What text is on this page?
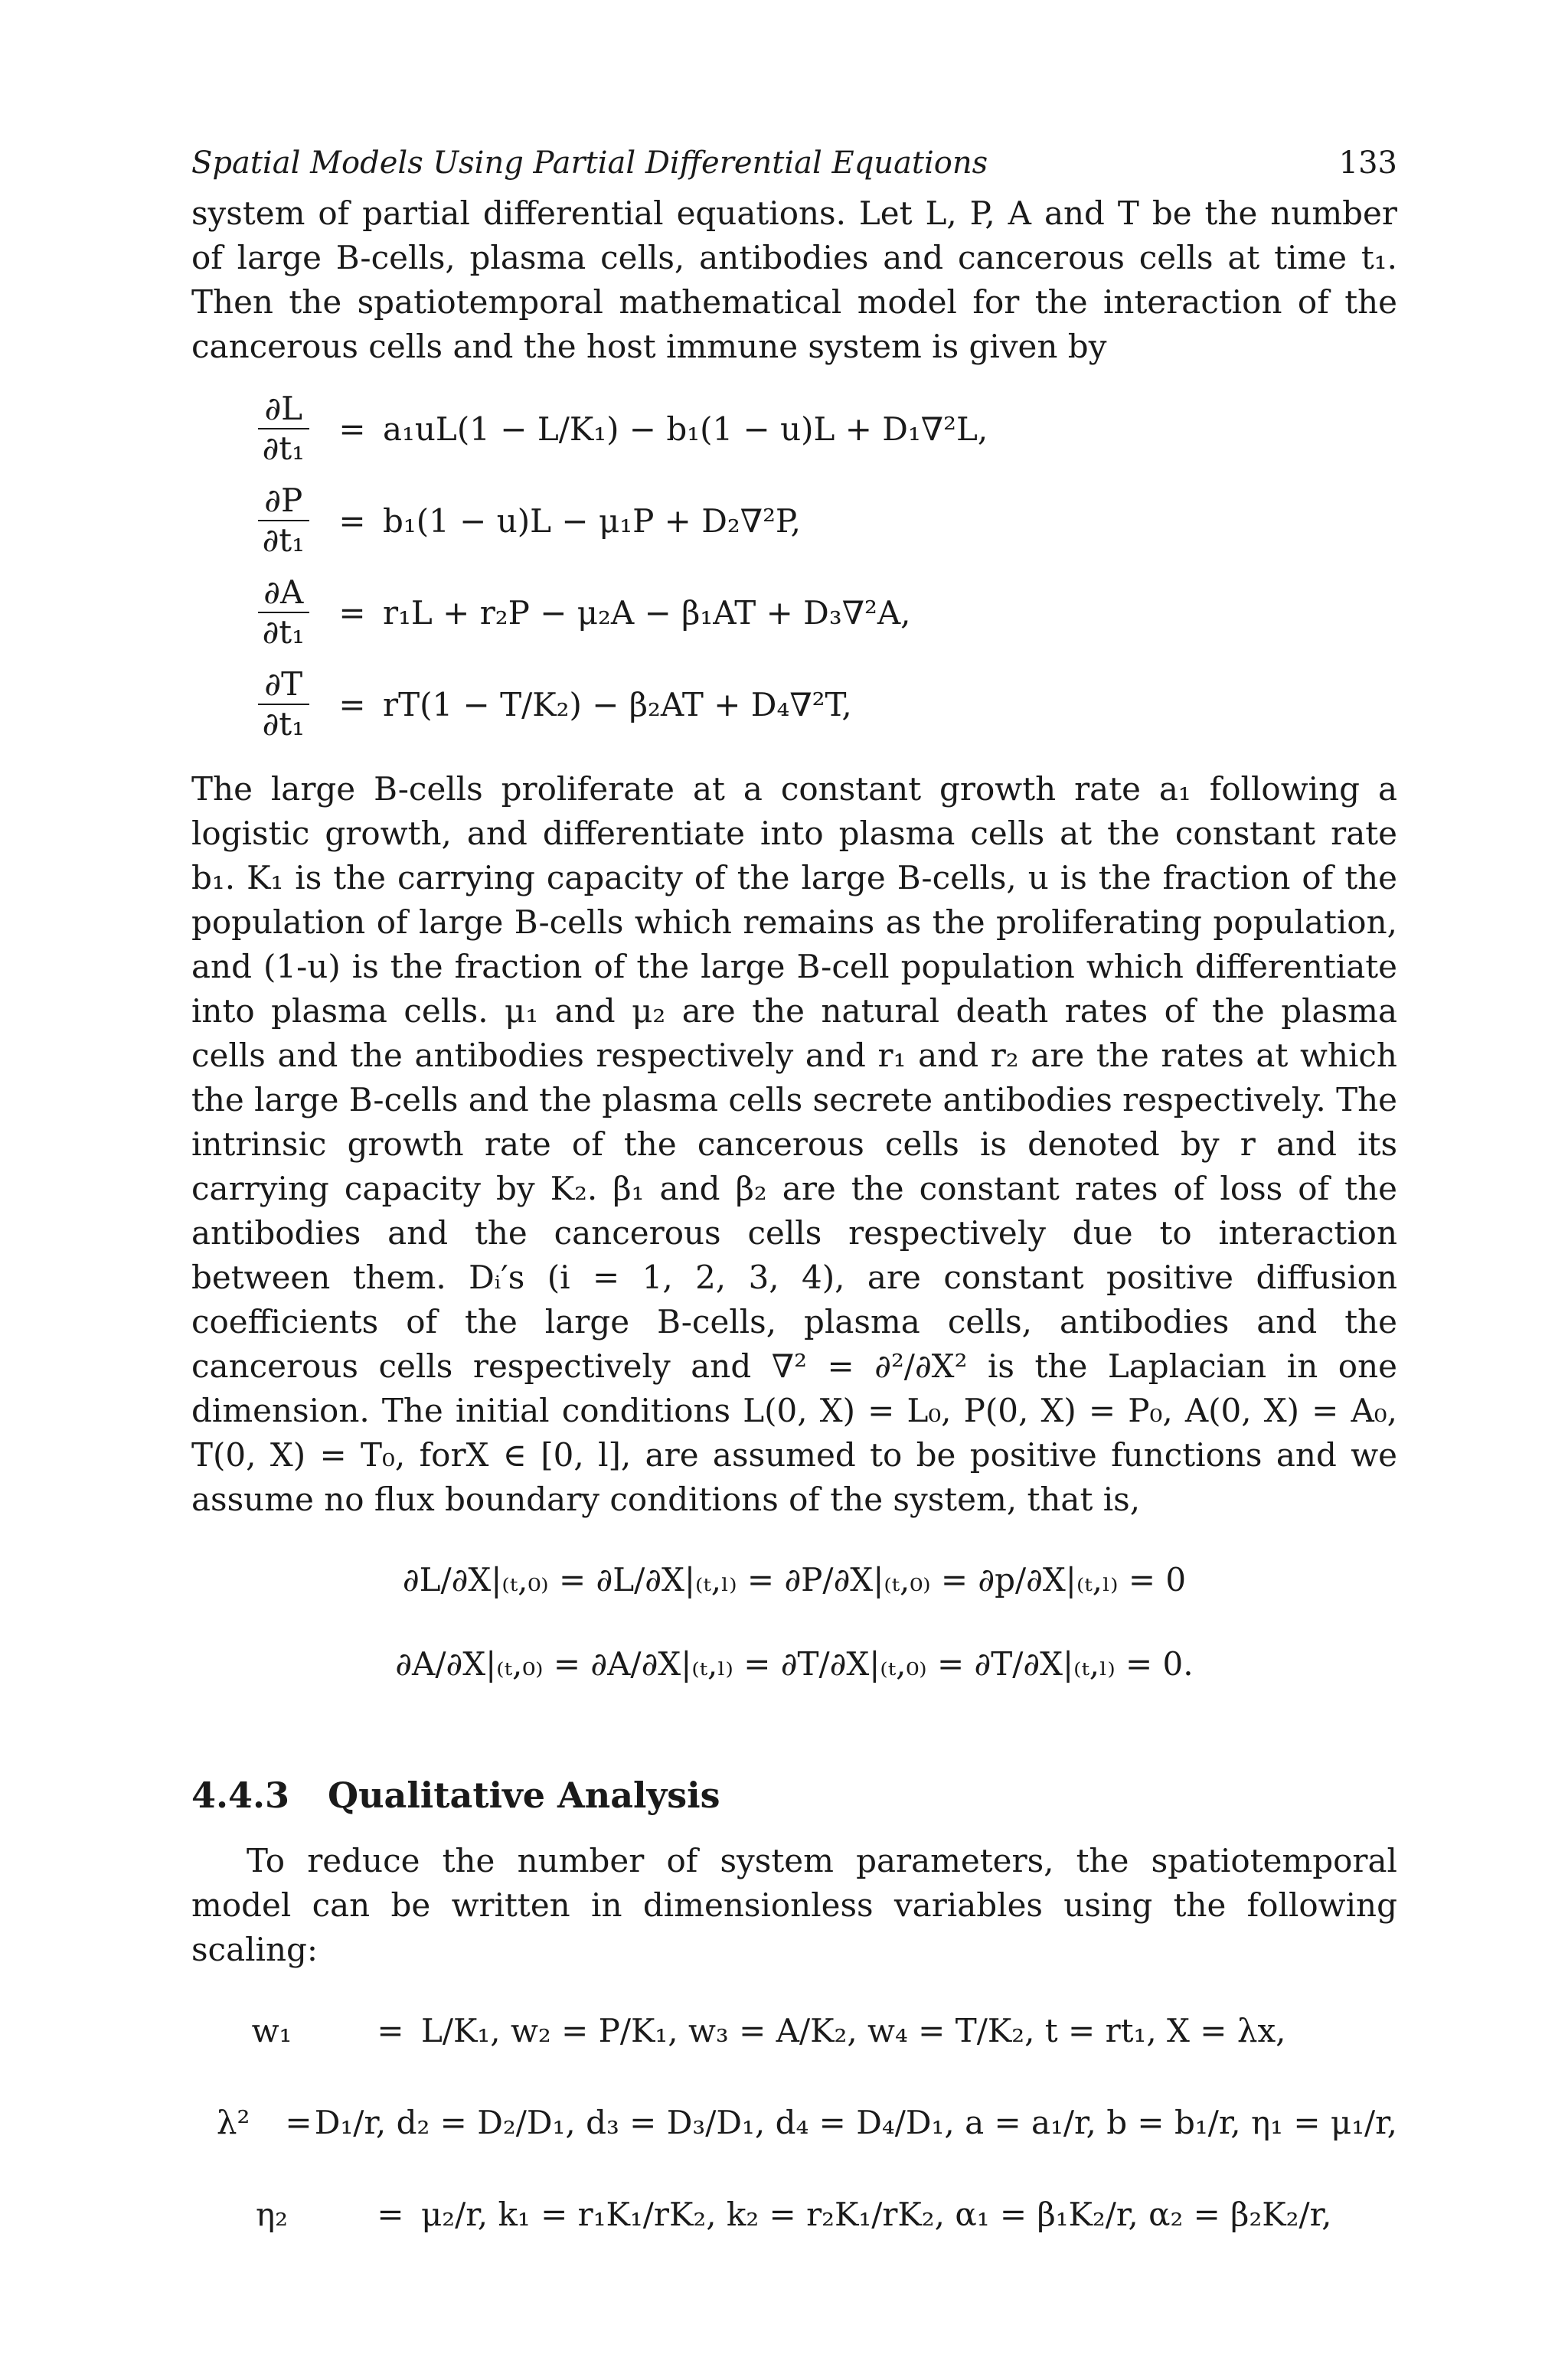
Spatial Models Using Partial Differential Equations	133

system of partial differential equations. Let L, P, A and T be the number of large B-cells, plasma cells, antibodies and cancerous cells at time t₁. Then the spatiotemporal mathematical model for the interaction of the cancerous cells and the host immune system is given by

$\frac{\partial L}{\text{∂t₁}} = a_1uL(1 - L/K_1) - b_1(1 - u)L + D_1\nabla^2L$,
$\frac{\partial P}{\text{∂t₁}} = b_1(1 - u)L - \mu_1P + D_2\nabla^2P$,
$\frac{\partial A}{\text{∂t₁}} = r_1L + r_2P - \mu_2A - \beta_1AT + D_3\nabla^2A$,
$\frac{\partial T}{\text{∂t₁}} = rT(1 - T/K_2) - \beta_2AT + D_4\nabla^2T$,

The large B-cells proliferate at a constant growth rate a₁ following a logistic growth, and differentiate into plasma cells at the constant rate b₁. K₁ is the carrying capacity of the large B-cells, u is the fraction of the population of large B-cells which remains as the proliferating population, and (1-u) is the fraction of the large B-cell population which differentiate into plasma cells. μ₁ and μ₂ are the natural death rates of the plasma cells and the antibodies respectively and r₁ and r₂ are the rates at which the large B-cells and the plasma cells secrete antibodies respectively. The intrinsic growth rate of the cancerous cells is denoted by r and its carrying capacity by K₂. β₁ and β₂ are the constant rates of loss of the antibodies and the cancerous cells respectively due to interaction between them. Dᵢ′s (i = 1, 2, 3, 4), are constant positive diffusion coefficients of the large B-cells, plasma cells, antibodies and the cancerous cells respectively and ∇² = ∂²/∂X² is the Laplacian in one dimension. The initial conditions L(0, X) = L₀, P(0, X) = P₀, A(0, X) = A₀, T(0, X) = T₀, forX ∈ [0, l], are assumed to be positive functions and we assume no flux boundary conditions of the system, that is,

∂L/∂X|₍ₜ,₀₎ = ∂L/∂X|₍ₜ,ₗ₎ = ∂P/∂X|₍ₜ,₀₎ = ∂p/∂X|₍ₜ,ₗ₎ = 0
∂A/∂X|₍ₜ,₀₎ = ∂A/∂X|₍ₜ,ₗ₎ = ∂T/∂X|₍ₜ,₀₎ = ∂T/∂X|₍ₜ,ₗ₎ = 0.
4.4.3	Qualitative Analysis

To reduce the number of system parameters, the spatiotemporal model can be written in dimensionless variables using the following scaling:

w₁	= L/K₁, w₂ = P/K₁, w₃ = A/K₂, w₄ = T/K₂, t = rt₁, X = λx,
λ²	= D₁/r, d₂ = D₂/D₁, d₃ = D₃/D₁, d₄ = D₄/D₁, a = a₁/r, b = b₁/r, η₁ = μ₁/r,
η₂	= μ₂/r, k₁ = r₁K₁/rK₂, k₂ = r₂K₁/rK₂, α₁ = β₁K₂/r, α₂ = β₂K₂/r,
